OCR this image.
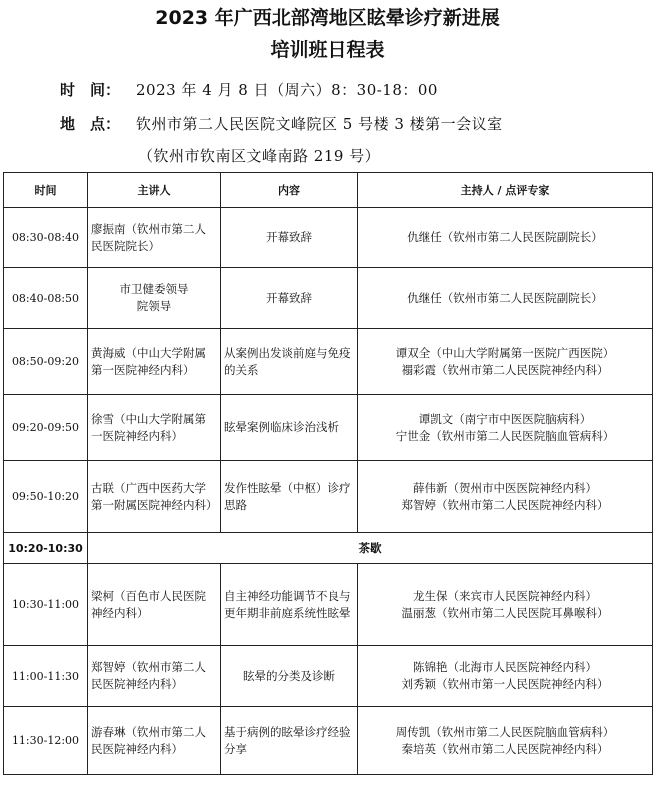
2023 年广西北部湾地区眩晕诊疗新进展
培训班日程表
时　间： 2023 年 4 月 8 日（周六）8：30-18：00
地　点： 钦州市第二人民医院文峰院区 5 号楼 3 楼第一会议室
（钦州市钦南区文峰南路 219 号）
时间	主讲人	内容	主持人 / 点评专家
08:30-08:40	廖振南（钦州市第二人民医院院长）	开幕致辞	仇继任（钦州市第二人民医院副院长）

08:40-08:50	市卫健委领导
院领导	开幕致辞	仇继任（钦州市第二人民医院副院长）

08:50-09:20	黄海威（中山大学附属第一医院神经内科）	从案例出发谈前庭与免疫的关系	谭双全（中山大学附属第一医院广西医院）
禤彩霞（钦州市第二人民医院神经内科）

09:20-09:50	徐雪（中山大学附属第一医院神经内科）	眩晕案例临床诊治浅析	谭凯文（南宁市中医医院脑病科）
宁世金（钦州市第二人民医院脑血管病科）

09:50-10:20	古联（广西中医药大学第一附属医院神经内科）	发作性眩晕（中枢）诊疗思路	薛伟新（贺州市中医医院神经内科）
郑智婷（钦州市第二人民医院神经内科）

10:20-10:30	茶歇		
10:30-11:00	梁柯（百色市人民医院神经内科）	自主神经功能调节不良与更年期非前庭系统性眩晕	龙生保（来宾市人民医院神经内科）
温丽葱（钦州市第二人民医院耳鼻喉科）

11:00-11:30	郑智婷（钦州市第二人民医院神经内科）	眩晕的分类及诊断	陈锦艳（北海市人民医院神经内科）
刘秀颖（钦州市第一人民医院神经内科）

11:30-12:00	游春琳（钦州市第二人民医院神经内科）	基于病例的眩晕诊疗经验分享	周传凯（钦州市第二人民医院脑血管病科）
秦培英（钦州市第二人民医院神经内科）
